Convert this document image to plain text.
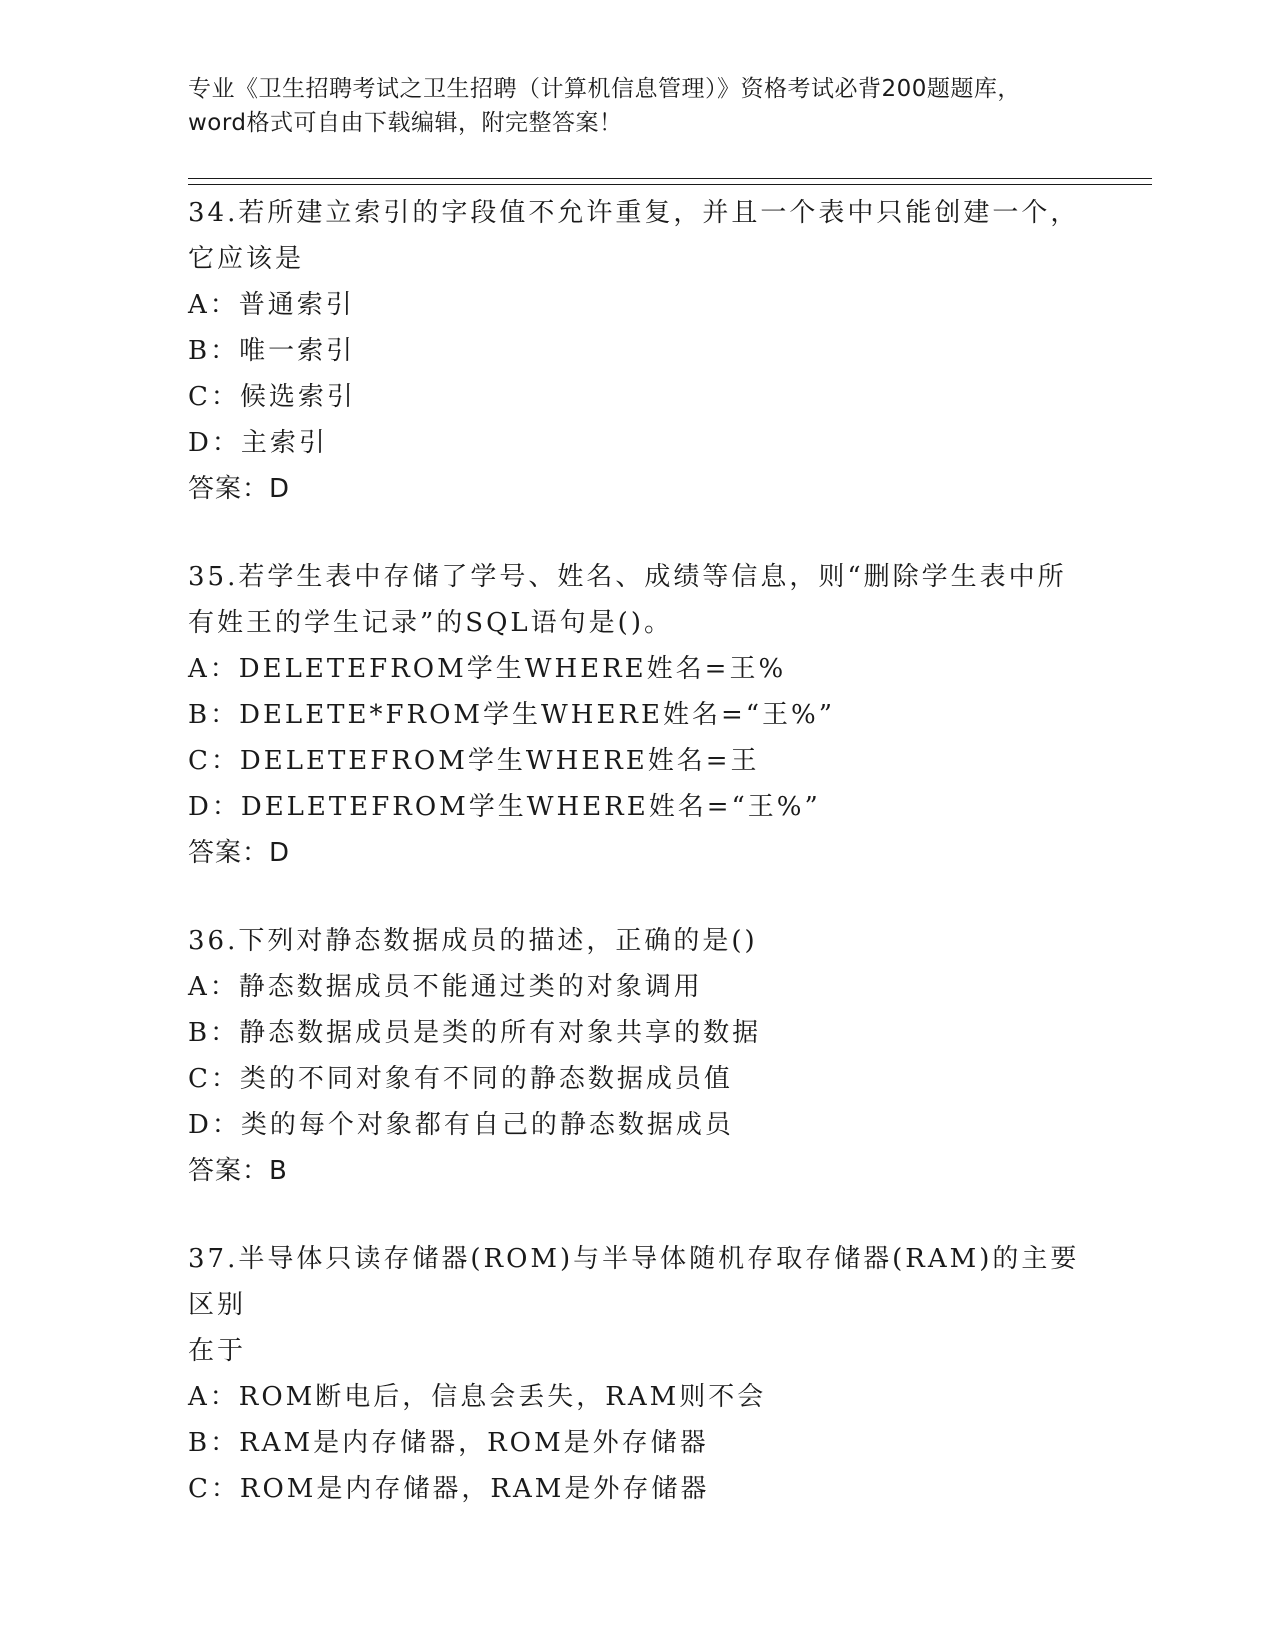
专业《卫生招聘考试之卫生招聘（计算机信息管理）》资格考试必背200题题库，
word格式可自由下载编辑，附完整答案！
34.若所建立索引的字段值不允许重复，并且一个表中只能创建一个，
它应该是
A：普通索引
B：唯一索引
C：候选索引
D：主索引
答案：D
35.若学生表中存储了学号、姓名、成绩等信息，则“删除学生表中所
有姓王的学生记录”的SQL语句是()。
A：DELETEFROM学生WHERE姓名=王%
B：DELETE*FROM学生WHERE姓名=“王%”
C：DELETEFROM学生WHERE姓名=王
D：DELETEFROM学生WHERE姓名=“王%”
答案：D
36.下列对静态数据成员的描述，正确的是()
A：静态数据成员不能通过类的对象调用
B：静态数据成员是类的所有对象共享的数据
C：类的不同对象有不同的静态数据成员值
D：类的每个对象都有自己的静态数据成员
答案：B
37.半导体只读存储器(ROM)与半导体随机存取存储器(RAM)的主要区别
在于
A：ROM断电后，信息会丢失，RAM则不会
B：RAM是内存储器，ROM是外存储器
C：ROM是内存储器，RAM是外存储器
